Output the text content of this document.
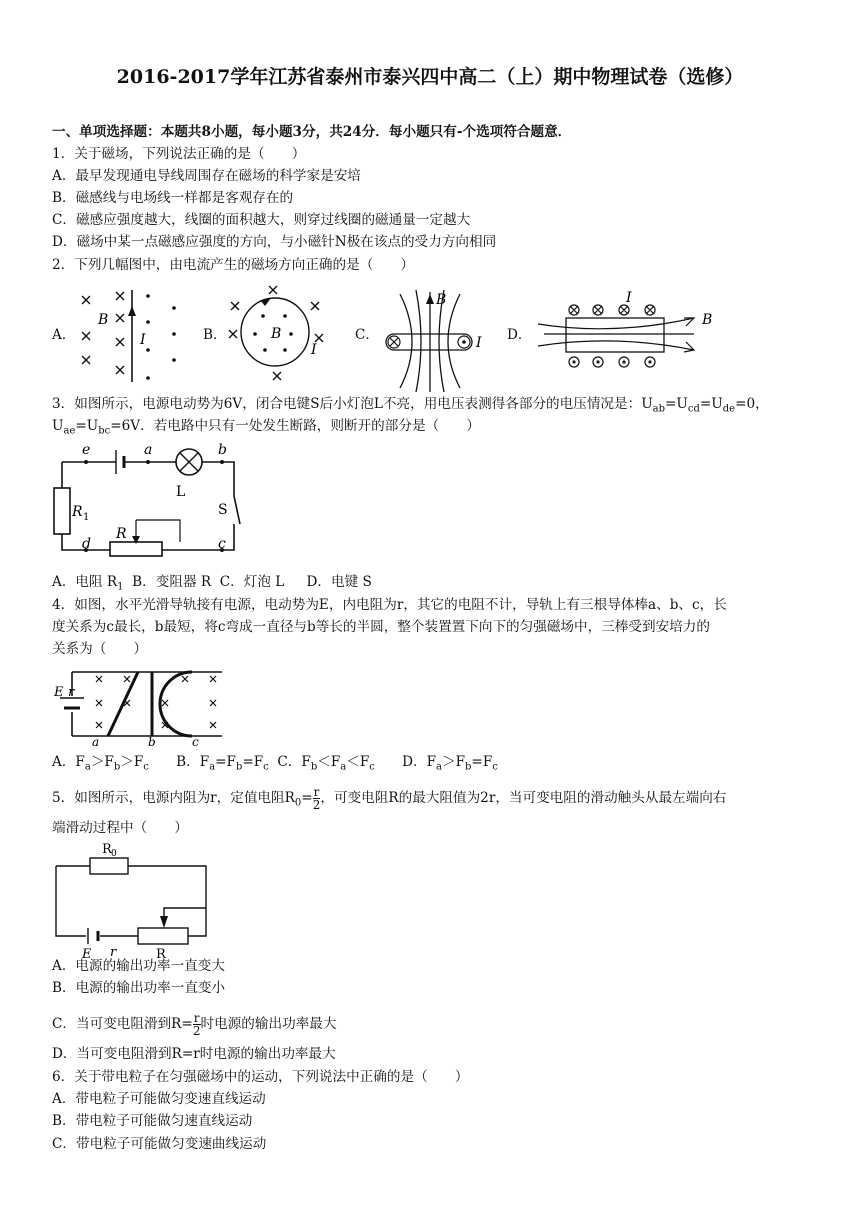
2016-2017学年江苏省泰州市泰兴四中高二（上）期中物理试卷（选修）
一、单项选择题：本题共8小题，每小题3分，共24分．每小题只有-个选项符合题意．
1．关于磁场，下列说法正确的是（　　）
A．最早发现通电导线周围存在磁场的科学家是安培
B．磁感线与电场线一样都是客观存在的
C．磁感应强度越大，线圈的面积越大，则穿过线圈的磁通量一定越大
D．磁场中某一点磁感应强度的方向，与小磁针N极在该点的受力方向相同
2．下列几幅图中，由电流产生的磁场方向正确的是（　　）
A．	B．	C．	D．
B
I	B
I
B
I
I
B
3．如图所示，电源电动势为6V，闭合电键S后小灯泡L不亮，用电压表测得各部分的电压情况是：$U_{ab}=U_{cd}=U_{de}=0$，
$U_{ae}=U_{bc}=6V$．若电路中只有一处发生断路，则断开的部分是（　　）
e	a	b
L
S
R 1
R
d	c
A．电阻 $R_1$  B．变阻器 R  C．灯泡 L　  D．电键 S
4．如图，水平光滑导轨接有电源，电动势为E，内电阻为r，其它的电阻不计，导轨上有三根导体棒a、b、c，长
度关系为c最长，b最短，将c弯成一直径与b等长的半圆，整个装置置下向下的匀强磁场中，三棒受到安培力的
关系为（　　）
E r
a	b	c
A．$F_a>F_b>F_c$　　B．$F_a=F_b=F_c$  C．$F_b<F_a<F_c$　　D．$F_a>F_b=F_c$
5．如图所示，电源内阻为r，定值电阻$R_0= \frac{r}{2}$ ，可变电阻R的最大阻值为2r，当可变电阻的滑动触头从最左端向右
端滑动过程中（　　）
R 0
E r	R
A．电源的输出功率一直变大
B．电源的输出功率一直变小
C．当可变电阻滑到$R= \frac{r}{2}$ 时电源的输出功率最大
D．当可变电阻滑到R=r时电源的输出功率最大
6．关于带电粒子在匀强磁场中的运动，下列说法中正确的是（　　）
A．带电粒子可能做匀变速直线运动
B．带电粒子可能做匀速直线运动
C．带电粒子可能做匀变速曲线运动
